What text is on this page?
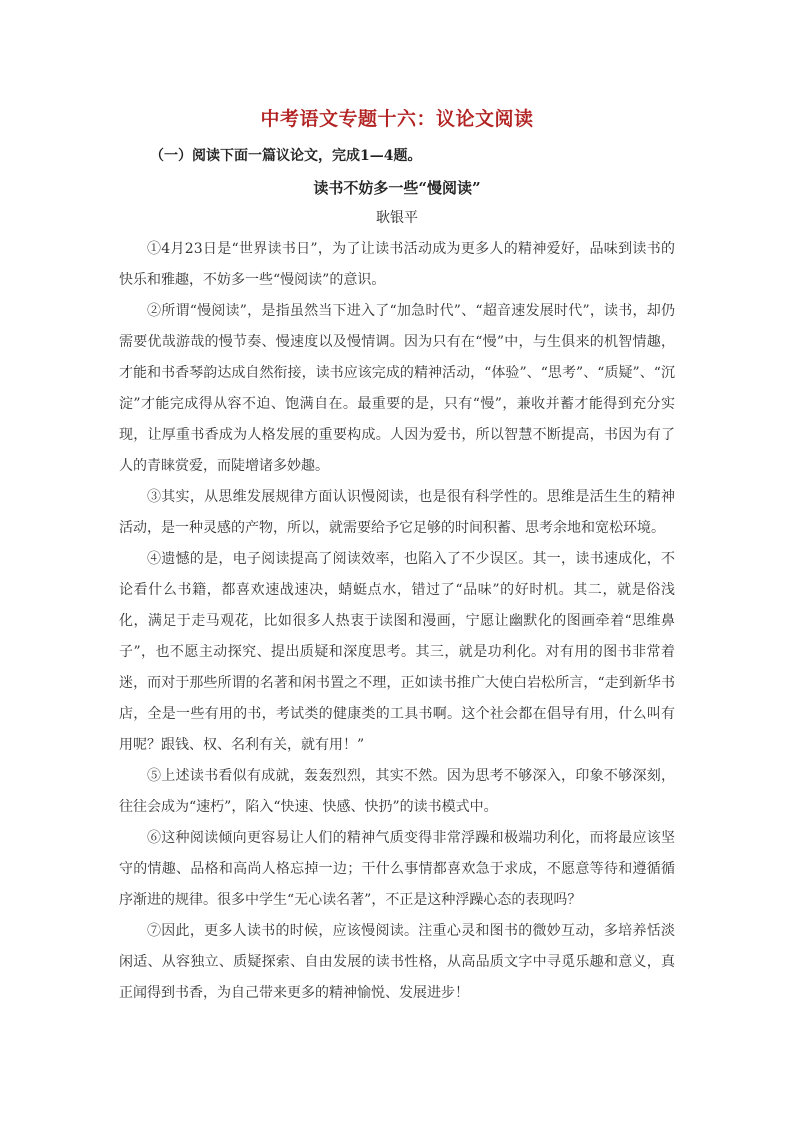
中考语文专题十六：议论文阅读
（一）阅读下面一篇议论文，完成1—4题。
读书不妨多一些“慢阅读”
耿银平

①4月23日是“世界读书日”，为了让读书活动成为更多人的精神爱好，品味到读书的快乐和雅趣，不妨多一些“慢阅读”的意识。

②所谓“慢阅读”，是指虽然当下进入了“加急时代”、“超音速发展时代”，读书，却仍需要优哉游哉的慢节奏、慢速度以及慢情调。因为只有在“慢”中，与生俱来的机智情趣，才能和书香琴韵达成自然衔接，读书应该完成的精神活动，“体验”、“思考”、“质疑”、“沉淀”才能完成得从容不迫、饱满自在。最重要的是，只有“慢”，兼收并蓄才能得到充分实现，让厚重书香成为人格发展的重要构成。人因为爱书，所以智慧不断提高，书因为有了人的青睐赏爱，而陡增诸多妙趣。

③其实，从思维发展规律方面认识慢阅读，也是很有科学性的。思维是活生生的精神活动，是一种灵感的产物，所以，就需要给予它足够的时间积蓄、思考余地和宽松环境。

④遗憾的是，电子阅读提高了阅读效率，也陷入了不少误区。其一，读书速成化，不论看什么书籍，都喜欢速战速决，蜻蜓点水，错过了“品味”的好时机。其二，就是俗浅化，满足于走马观花，比如很多人热衷于读图和漫画，宁愿让幽默化的图画牵着“思维鼻子”，也不愿主动探究、提出质疑和深度思考。其三，就是功利化。对有用的图书非常着迷，而对于那些所谓的名著和闲书置之不理，正如读书推广大使白岩松所言，“走到新华书店，全是一些有用的书，考试类的健康类的工具书啊。这个社会都在倡导有用，什么叫有用呢？跟钱、权、名利有关，就有用！”

⑤上述读书看似有成就，轰轰烈烈，其实不然。因为思考不够深入，印象不够深刻，往往会成为“速朽”，陷入“快速、快感、快扔”的读书模式中。

⑥这种阅读倾向更容易让人们的精神气质变得非常浮躁和极端功利化，而将最应该坚守的情趣、品格和高尚人格忘掉一边；干什么事情都喜欢急于求成，不愿意等待和遵循循序渐进的规律。很多中学生“无心读名著”，不正是这种浮躁心态的表现吗？

⑦因此，更多人读书的时候，应该慢阅读。注重心灵和图书的微妙互动，多培养恬淡闲适、从容独立、质疑探索、自由发展的读书性格，从高品质文字中寻觅乐趣和意义，真正闻得到书香，为自己带来更多的精神愉悦、发展进步！
